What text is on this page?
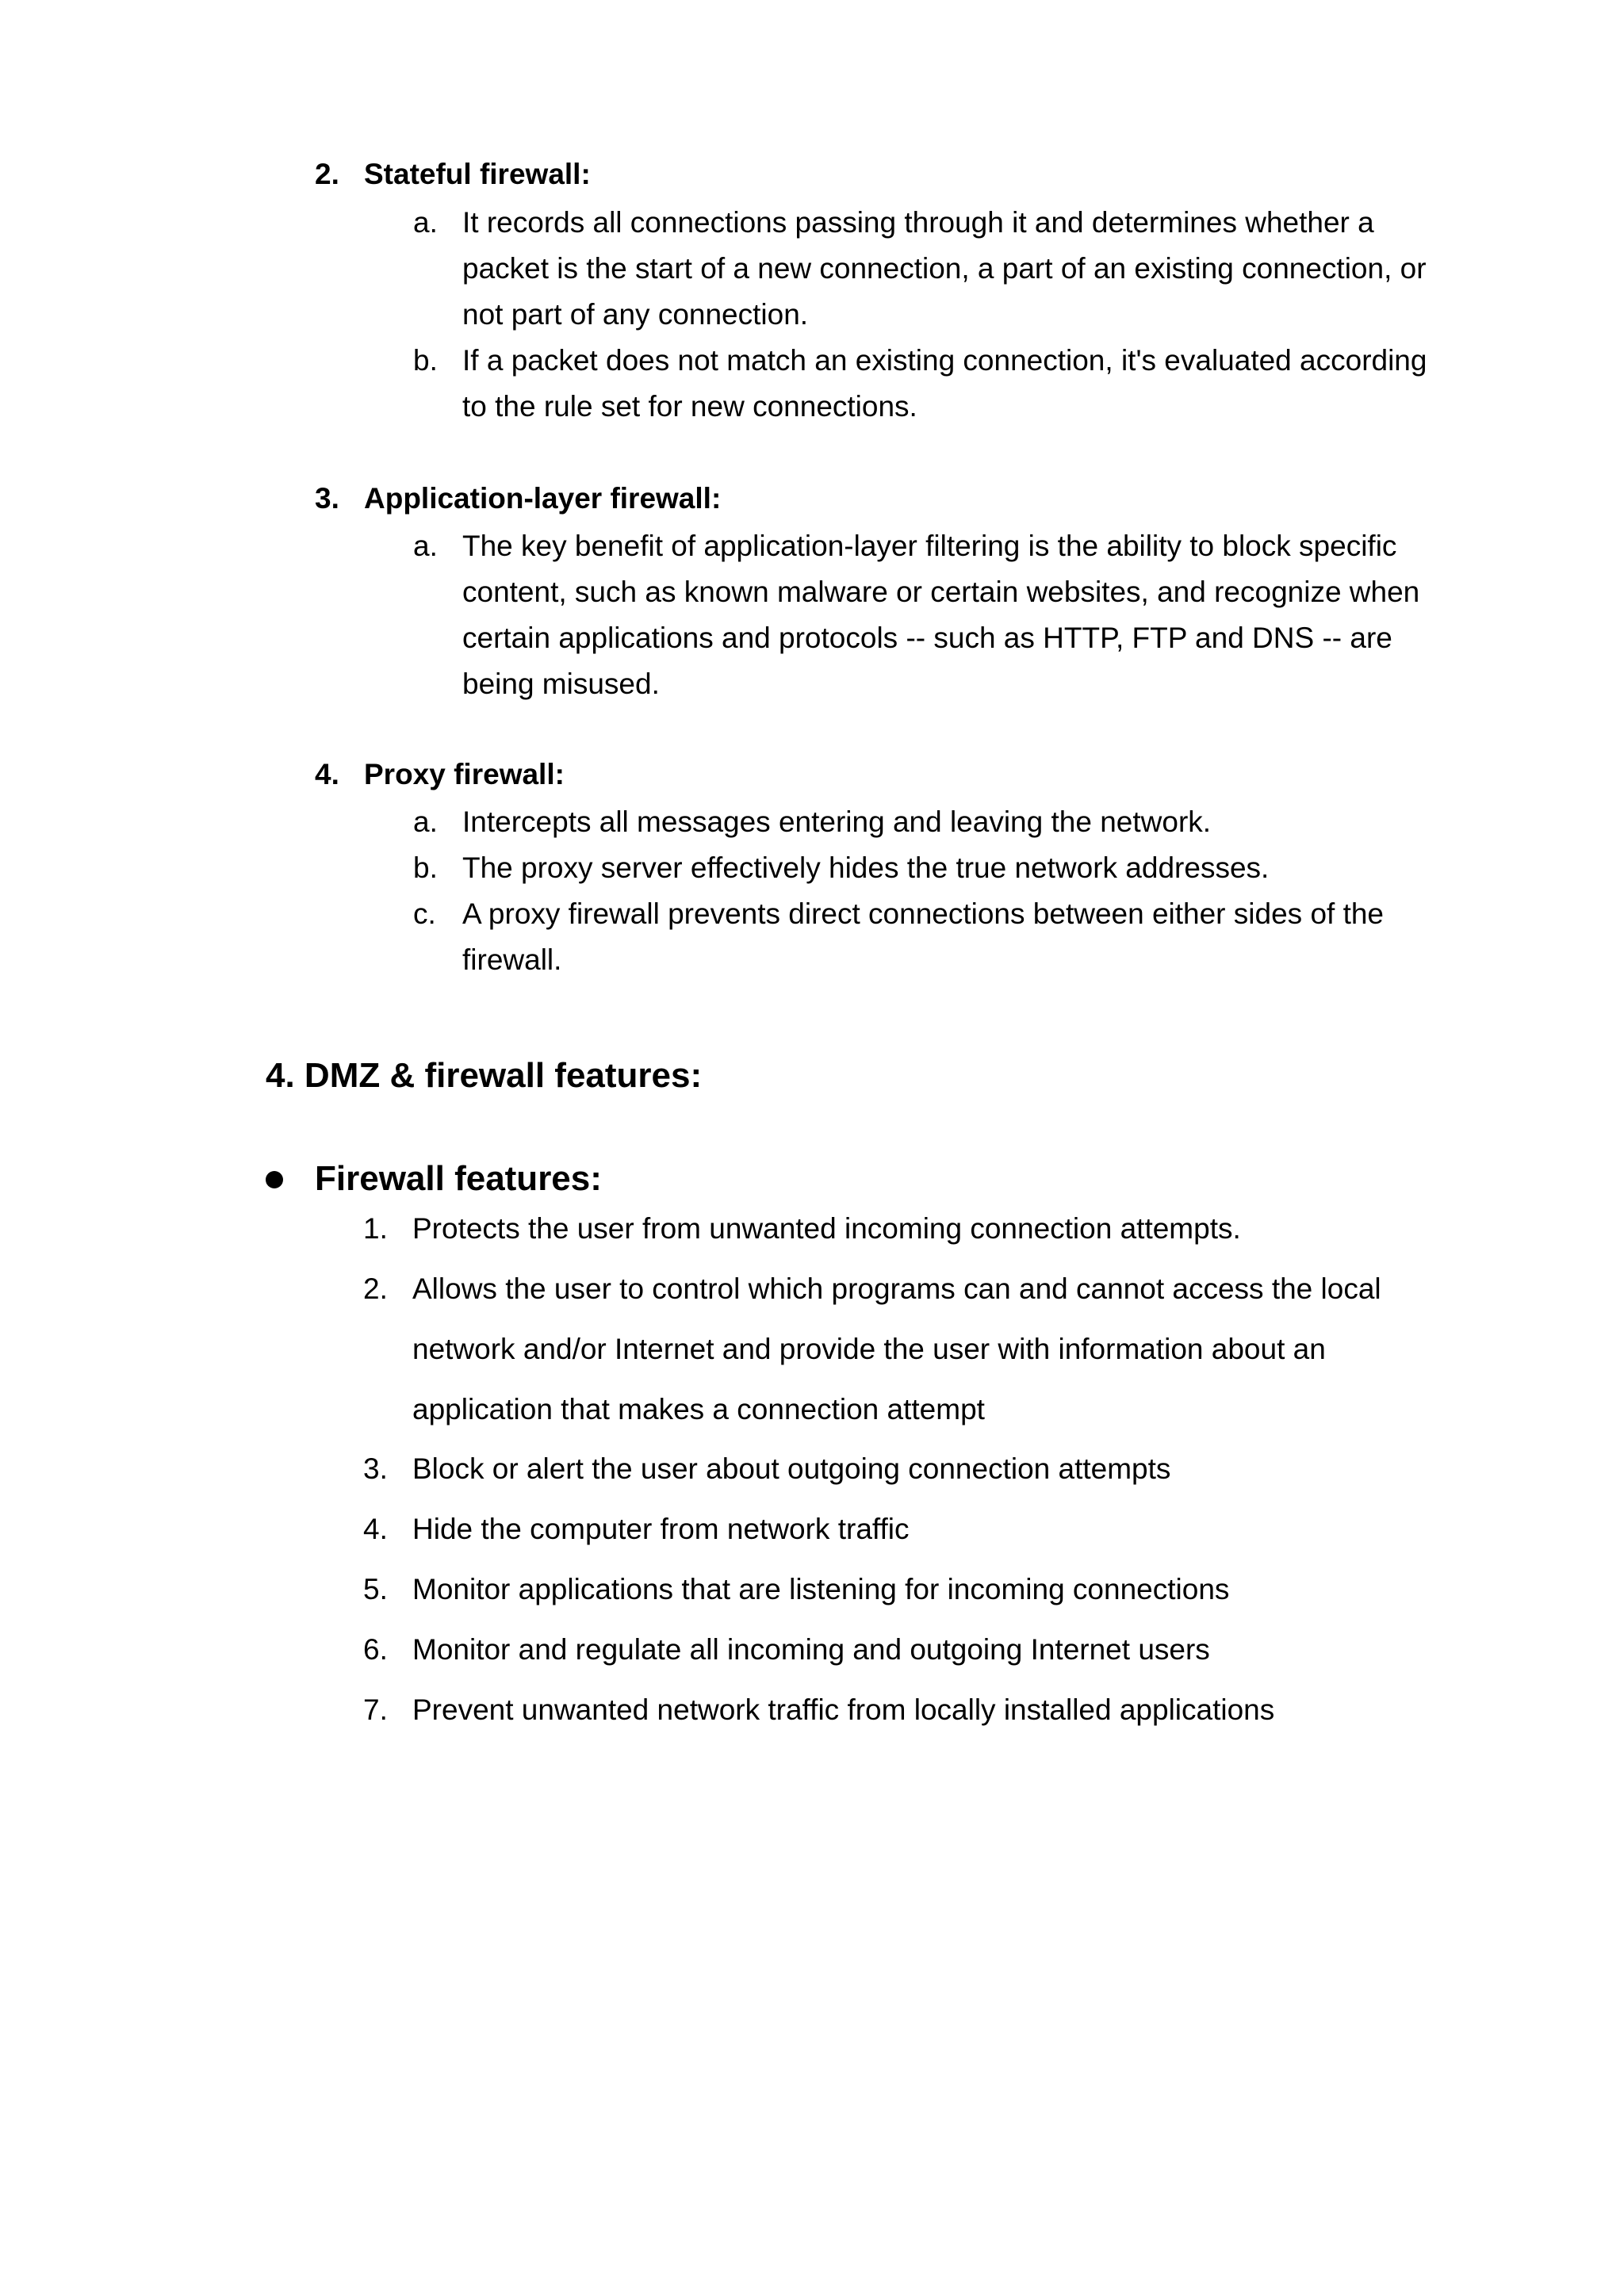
2. Stateful firewall:
a. It records all connections passing through it and determines whether a packet is the start of a new connection, a part of an existing connection, or not part of any connection.
b. If a packet does not match an existing connection, it's evaluated according to the rule set for new connections.
3. Application-layer firewall:
a. The key benefit of application-layer filtering is the ability to block specific content, such as known malware or certain websites, and recognize when certain applications and protocols -- such as HTTP, FTP and DNS -- are being misused.
4. Proxy firewall:
a. Intercepts all messages entering and leaving the network.
b. The proxy server effectively hides the true network addresses.
c. A proxy firewall prevents direct connections between either sides of the firewall.
4. DMZ & firewall features:
Firewall features:
1. Protects the user from unwanted incoming connection attempts.
2. Allows the user to control which programs can and cannot access the local network and/or Internet and provide the user with information about an application that makes a connection attempt
3. Block or alert the user about outgoing connection attempts
4. Hide the computer from network traffic
5. Monitor applications that are listening for incoming connections
6. Monitor and regulate all incoming and outgoing Internet users
7. Prevent unwanted network traffic from locally installed applications
